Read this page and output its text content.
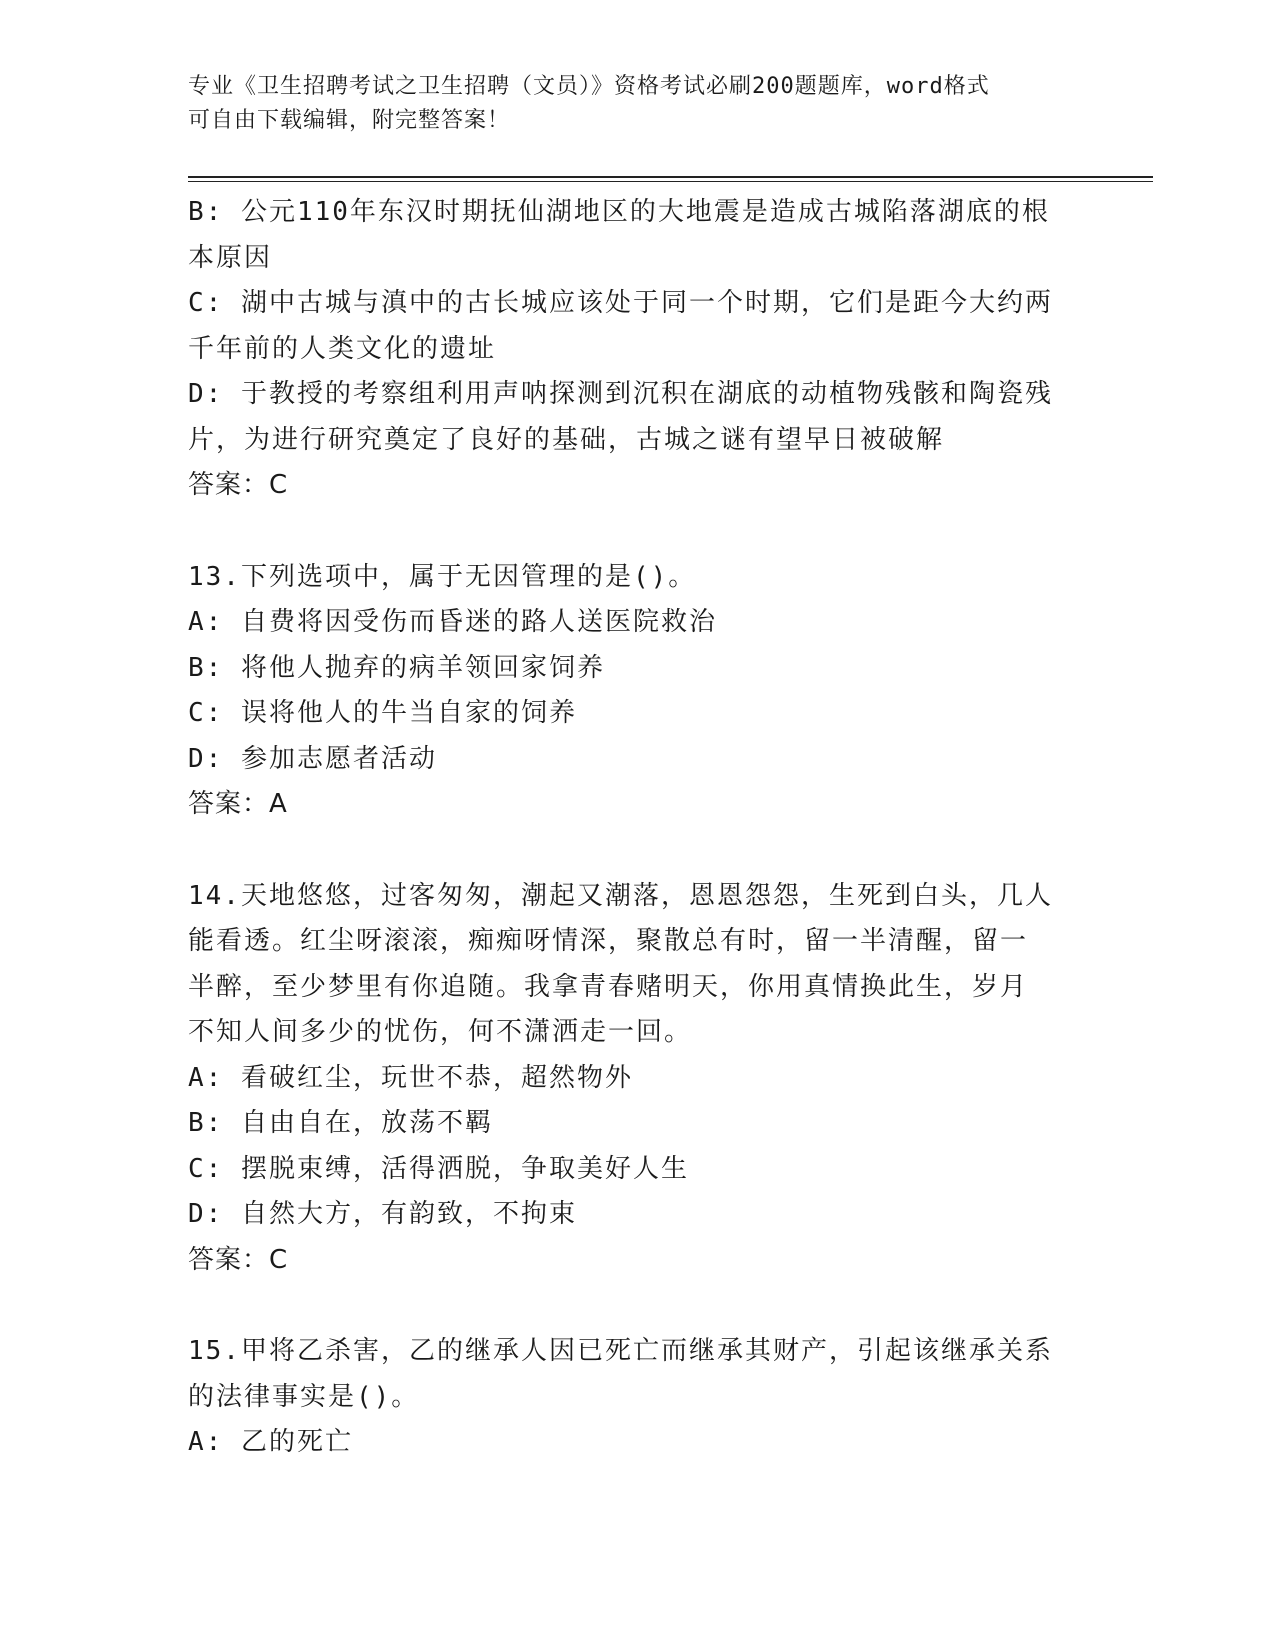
专业《卫生招聘考试之卫生招聘（文员）》资格考试必刷200题题库，word格式
可自由下载编辑，附完整答案！
B: 公元110年东汉时期抚仙湖地区的大地震是造成古城陷落湖底的根
本原因
C: 湖中古城与滇中的古长城应该处于同一个时期，它们是距今大约两
千年前的人类文化的遗址
D: 于教授的考察组利用声呐探测到沉积在湖底的动植物残骸和陶瓷残
片，为进行研究奠定了良好的基础，古城之谜有望早日被破解
答案：C
13.下列选项中，属于无因管理的是()。
A: 自费将因受伤而昏迷的路人送医院救治
B: 将他人抛弃的病羊领回家饲养
C: 误将他人的牛当自家的饲养
D: 参加志愿者活动
答案：A
14.天地悠悠，过客匆匆，潮起又潮落，恩恩怨怨，生死到白头，几人
能看透。红尘呀滚滚，痴痴呀情深，聚散总有时，留一半清醒，留一
半醉，至少梦里有你追随。我拿青春赌明天，你用真情换此生，岁月
不知人间多少的忧伤，何不潇洒走一回。
A: 看破红尘，玩世不恭，超然物外
B: 自由自在，放荡不羁
C: 摆脱束缚，活得洒脱，争取美好人生
D: 自然大方，有韵致，不拘束
答案：C
15.甲将乙杀害，乙的继承人因已死亡而继承其财产，引起该继承关系
的法律事实是()。
A: 乙的死亡
